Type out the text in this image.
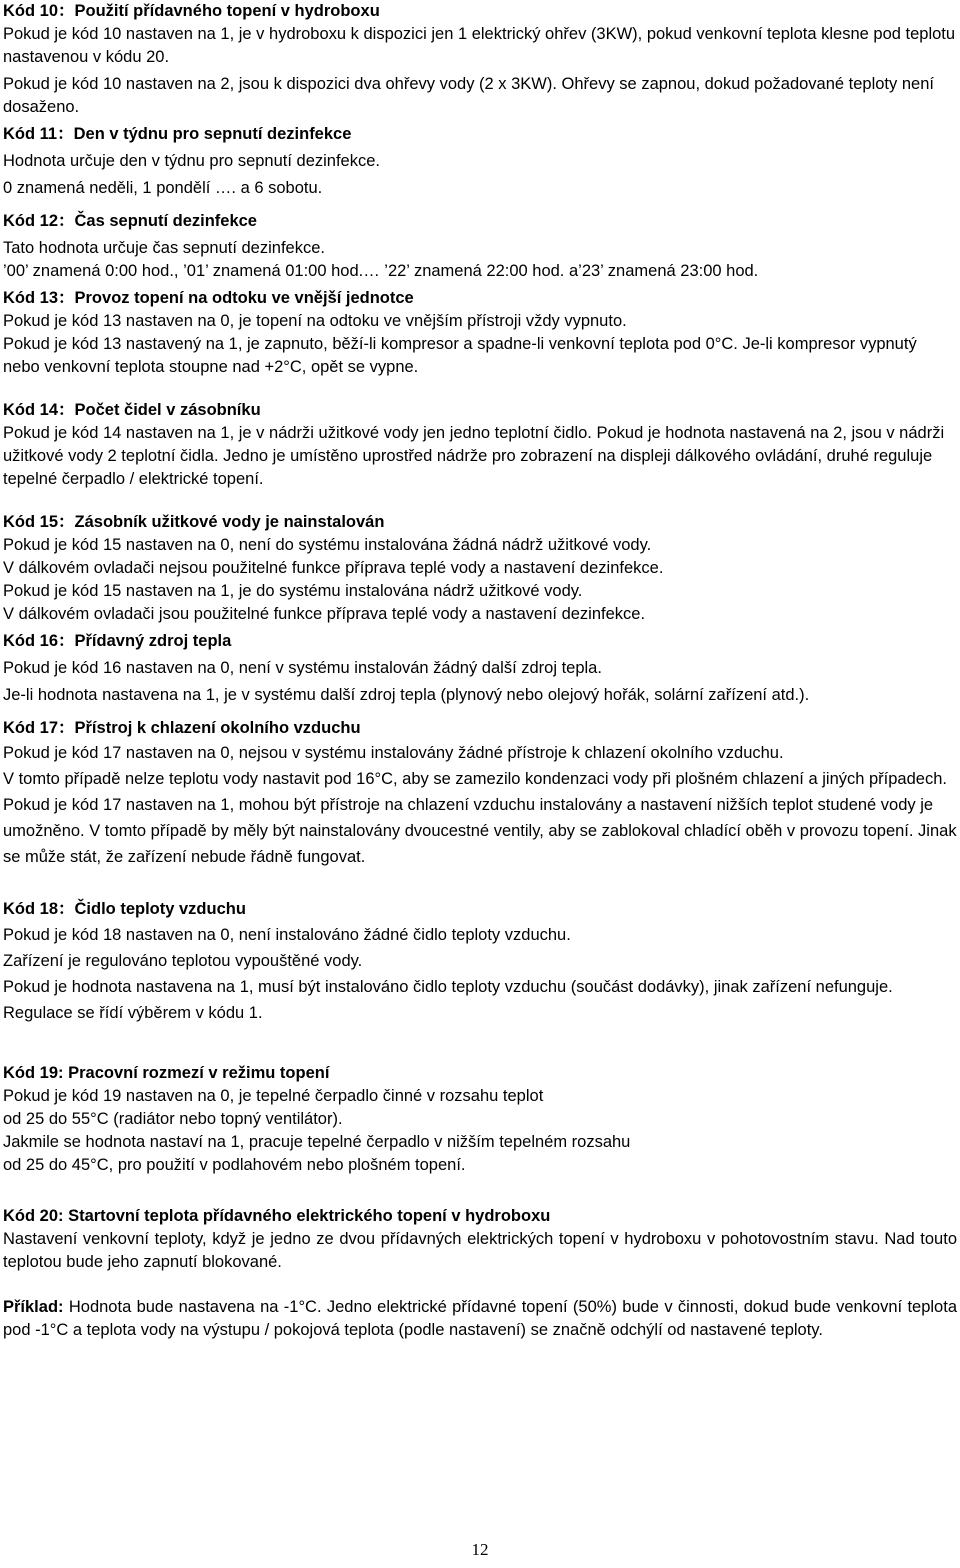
Kód 10：Použití přídavného topení v hydroboxu

Pokud je kód 10 nastaven na 1, je v hydroboxu k dispozici jen 1 elektrický ohřev (3KW), pokud venkovní teplota klesne pod teplotu nastavenou v kódu 20.

Pokud je kód 10 nastaven na 2, jsou k dispozici dva ohřevy vody (2 x 3KW). Ohřevy se zapnou, dokud požadované teploty není dosaženo.

Kód 11：Den v týdnu pro sepnutí dezinfekce

Hodnota určuje den v týdnu pro sepnutí dezinfekce.

0 znamená neděli, 1 pondělí …. a 6 sobotu.

Kód 12：Čas sepnutí dezinfekce

Tato hodnota určuje čas sepnutí dezinfekce.

’00’ znamená 0:00 hod., ’01’ znamená 01:00 hod.… ’22’ znamená 22:00 hod. a’23’ znamená 23:00 hod.

Kód 13：Provoz topení na odtoku ve vnější jednotce

Pokud je kód 13 nastaven na 0, je topení na odtoku ve vnějším přístroji vždy vypnuto.

Pokud je kód 13 nastavený na 1, je zapnuto, běží-li kompresor a spadne-li venkovní teplota pod 0°C. Je-li kompresor vypnutý nebo venkovní teplota stoupne nad +2°C, opět se vypne.

Kód 14：Počet čidel v zásobníku

Pokud je kód 14 nastaven na 1, je v nádrži užitkové vody jen jedno teplotní čidlo. Pokud je hodnota nastavená na 2, jsou v nádrži užitkové vody 2 teplotní čidla. Jedno je umístěno uprostřed nádrže pro zobrazení na displeji dálkového ovládání, druhé reguluje tepelné čerpadlo / elektrické topení.

Kód 15：Zásobník užitkové vody je nainstalován

Pokud je kód 15 nastaven na 0, není do systému instalována žádná nádrž užitkové vody.

V dálkovém ovladači nejsou použitelné funkce příprava teplé vody a nastavení dezinfekce.

Pokud je kód 15 nastaven na 1, je do systému instalována nádrž užitkové vody.

V dálkovém ovladači jsou použitelné funkce příprava teplé vody a nastavení dezinfekce.

Kód 16：Přídavný zdroj tepla

Pokud je kód 16 nastaven na 0, není v systému instalován žádný další zdroj tepla.

Je-li hodnota nastavena na 1, je v systému další zdroj tepla (plynový nebo olejový hořák, solární zařízení atd.).

Kód 17：Přístroj k chlazení okolního vzduchu

Pokud je kód 17 nastaven na 0, nejsou v systému instalovány žádné přístroje k chlazení okolního vzduchu.

V tomto případě nelze teplotu vody nastavit pod 16°C, aby se zamezilo kondenzaci vody při plošném chlazení a jiných případech.

Pokud je kód 17 nastaven na 1, mohou být přístroje na chlazení vzduchu instalovány a nastavení nižších teplot studené vody je umožněno. V tomto případě by měly být nainstalovány dvoucestné ventily, aby se zablokoval chladící oběh v provozu topení. Jinak se může stát, že zařízení nebude řádně fungovat.

Kód 18：Čidlo teploty vzduchu

Pokud je kód 18 nastaven na 0, není instalováno žádné čidlo teploty vzduchu.

Zařízení je regulováno teplotou vypouštěné vody.

Pokud je hodnota nastavena na 1, musí být instalováno čidlo teploty vzduchu (součást dodávky), jinak zařízení nefunguje. Regulace se řídí výběrem v kódu 1.

Kód 19: Pracovní rozmezí v režimu topení

Pokud je kód 19 nastaven na 0, je tepelné čerpadlo činné v rozsahu teplot

od 25 do 55°C (radiátor nebo topný ventilátor).

Jakmile se hodnota nastaví na 1, pracuje tepelné čerpadlo v nižším tepelném rozsahu

od 25 do 45°C, pro použití v podlahovém nebo plošném topení.

Kód 20: Startovní teplota přídavného elektrického topení v hydroboxu

Nastavení venkovní teploty, když je jedno ze dvou přídavných elektrických topení v hydroboxu v pohotovostním stavu. Nad touto teplotou bude jeho zapnutí blokované.

Příklad: Hodnota bude nastavena na -1°C. Jedno elektrické přídavné topení (50%) bude v činnosti, dokud bude venkovní teplota pod -1°C a teplota vody na výstupu / pokojová teplota (podle nastavení) se značně odchýlí od nastavené teploty.
12
